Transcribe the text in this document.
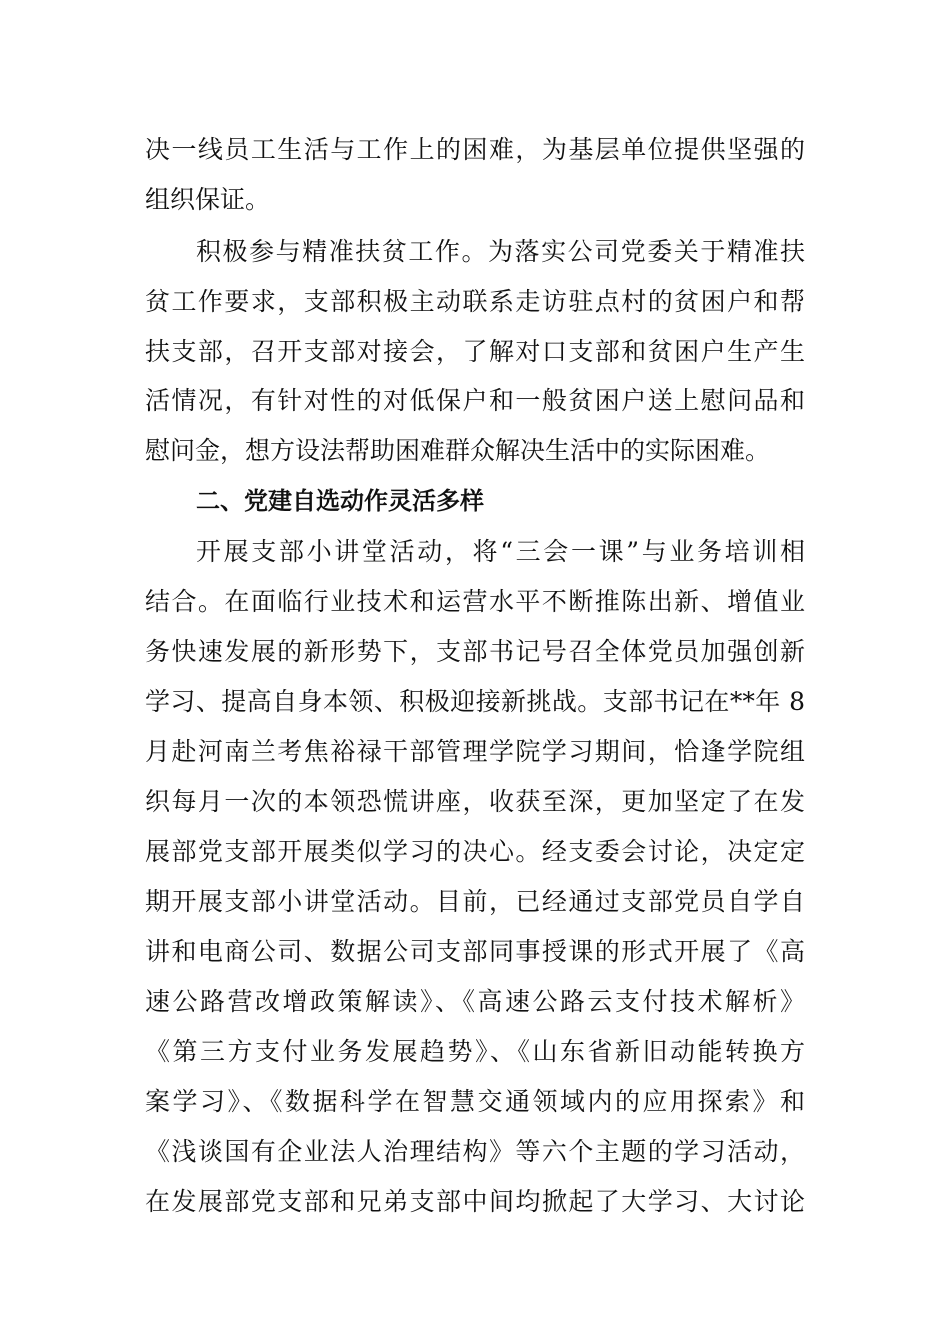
决一线员工生活与工作上的困难，为基层单位提供坚强的
组织保证。
积极参与精准扶贫工作。为落实公司党委关于精准扶
贫工作要求，支部积极主动联系走访驻点村的贫困户和帮
扶支部，召开支部对接会，了解对口支部和贫困户生产生
活情况，有针对性的对低保户和一般贫困户送上慰问品和
慰问金，想方设法帮助困难群众解决生活中的实际困难。
二、党建自选动作灵活多样
开展支部小讲堂活动，将“三会一课”与业务培训相
结合。在面临行业技术和运营水平不断推陈出新、增值业
务快速发展的新形势下，支部书记号召全体党员加强创新
学习、提高自身本领、积极迎接新挑战。支部书记在**年 8
月赴河南兰考焦裕禄干部管理学院学习期间，恰逢学院组
织每月一次的本领恐慌讲座，收获至深，更加坚定了在发
展部党支部开展类似学习的决心。经支委会讨论，决定定
期开展支部小讲堂活动。目前，已经通过支部党员自学自
讲和电商公司、数据公司支部同事授课的形式开展了《高
速公路营改增政策解读》、《高速公路云支付技术解析》
《第三方支付业务发展趋势》、《山东省新旧动能转换方
案学习》、《数据科学在智慧交通领域内的应用探索》和
《浅谈国有企业法人治理结构》等六个主题的学习活动，
在发展部党支部和兄弟支部中间均掀起了大学习、大讨论
